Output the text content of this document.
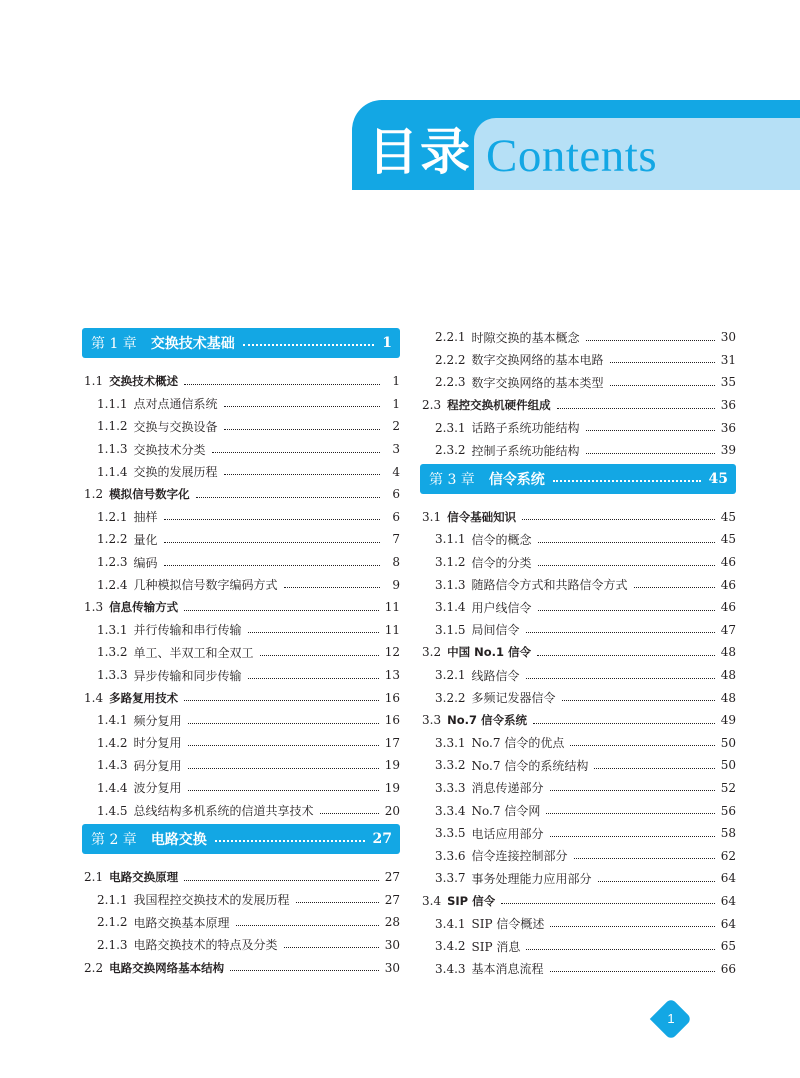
目录 Contents
第 1 章 交换技术基础	1
1.1 交换技术概述	1
1.1.1 点对点通信系统	1
1.1.2 交换与交换设备	2
1.1.3 交换技术分类	3
1.1.4 交换的发展历程	4
1.2 模拟信号数字化	6
1.2.1 抽样	6
1.2.2 量化	7
1.2.3 编码	8
1.2.4 几种模拟信号数字编码方式	9
1.3 信息传输方式	11
1.3.1 并行传输和串行传输	11
1.3.2 单工、半双工和全双工	12
1.3.3 异步传输和同步传输	13
1.4 多路复用技术	16
1.4.1 频分复用	16
1.4.2 时分复用	17
1.4.3 码分复用	19
1.4.4 波分复用	19
1.4.5 总线结构多机系统的信道共享技术	20
第 2 章 电路交换	27
2.1 电路交换原理	27
2.1.1 我国程控交换技术的发展历程	27
2.1.2 电路交换基本原理	28
2.1.3 电路交换技术的特点及分类	30
2.2 电路交换网络基本结构	30
2.2.1 时隙交换的基本概念	30
2.2.2 数字交换网络的基本电路	31
2.2.3 数字交换网络的基本类型	35
2.3 程控交换机硬件组成	36
2.3.1 话路子系统功能结构	36
2.3.2 控制子系统功能结构	39
第 3 章 信令系统	45
3.1 信令基础知识	45
3.1.1 信令的概念	45
3.1.2 信令的分类	46
3.1.3 随路信令方式和共路信令方式	46
3.1.4 用户线信令	46
3.1.5 局间信令	47
3.2 中国 No.1 信令	48
3.2.1 线路信令	48
3.2.2 多频记发器信令	48
3.3 No.7 信令系统	49
3.3.1 No.7 信令的优点	50
3.3.2 No.7 信令的系统结构	50
3.3.3 消息传递部分	52
3.3.4 No.7 信令网	56
3.3.5 电话应用部分	58
3.3.6 信令连接控制部分	62
3.3.7 事务处理能力应用部分	64
3.4 SIP 信令	64
3.4.1 SIP 信令概述	64
3.4.2 SIP 消息	65
3.4.3 基本消息流程	66
1
